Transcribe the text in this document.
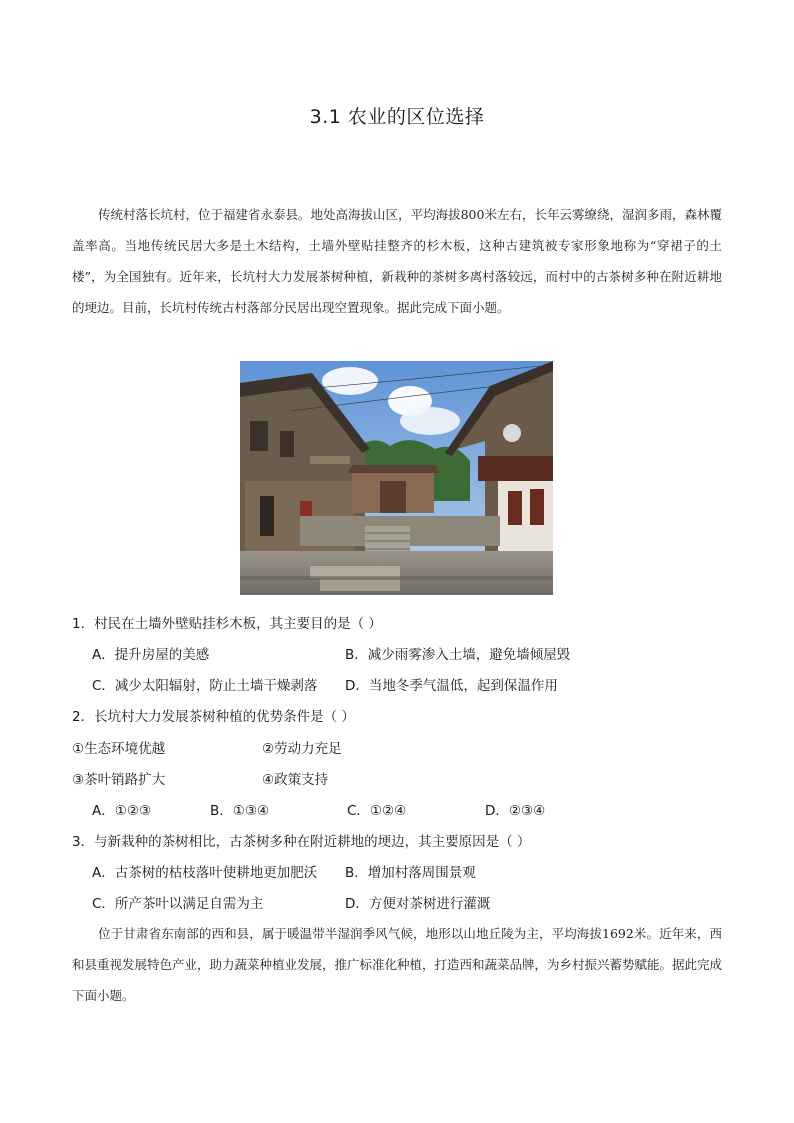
3.1 农业的区位选择
传统村落长坑村，位于福建省永泰县。地处高海拔山区，平均海拔800米左右，长年云雾缭绕，湿润多雨，森林覆盖率高。当地传统民居大多是土木结构，土墙外壁贴挂整齐的杉木板，这种古建筑被专家形象地称为“穿裙子的土楼”，为全国独有。近年来，长坑村大力发展茶树种植，新栽种的茶树多离村落较远，而村中的古茶树多种在附近耕地的埂边。目前，长坑村传统古村落部分民居出现空置现象。据此完成下面小题。
1．村民在土墙外壁贴挂杉木板，其主要目的是（ ）
A．提升房屋的美感	B．减少雨雾渗入土墙，避免墙倾屋毁
C．减少太阳辐射，防止土墙干燥剥落 D．当地冬季气温低，起到保温作用
2．长坑村大力发展茶树种植的优势条件是（ ）
①生态环境优越	②劳动力充足
③茶叶销路扩大	④政策支持
A．①②③	B．①③④	C．①②④	D．②③④
3．与新栽种的茶树相比，古茶树多种在附近耕地的埂边，其主要原因是（ ）
A．古茶树的枯枝落叶使耕地更加肥沃 B．增加村落周围景观
C．所产茶叶以满足自需为主	D．方便对茶树进行灌溉
位于甘肃省东南部的西和县，属于暖温带半湿润季风气候，地形以山地丘陵为主，平均海拔1692米。近年来，西和县重视发展特色产业，助力蔬菜种植业发展，推广标准化种植，打造西和蔬菜品牌，为乡村振兴蓄势赋能。据此完成下面小题。
